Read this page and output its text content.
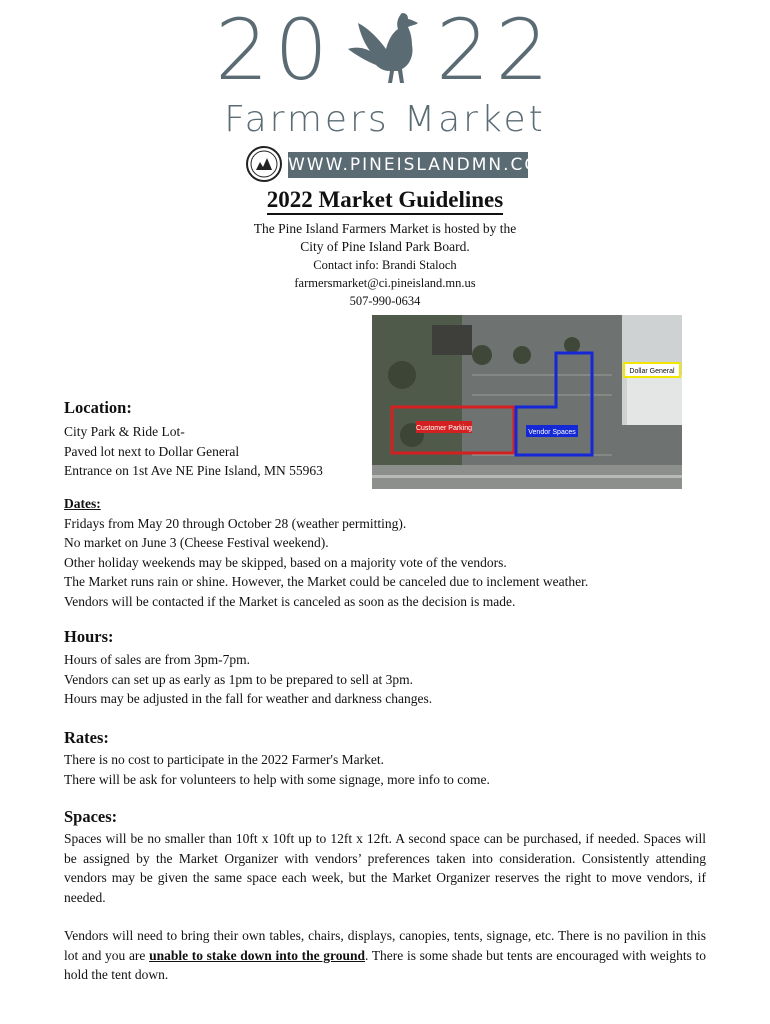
20 22
Farmers Market
WWW.PINEISLANDMN.COM
2022 Market Guidelines
The Pine Island Farmers Market is hosted by the
City of Pine Island Park Board.
Contact info: Brandi Staloch
farmersmarket@ci.pineisland.mn.us
507-990-0634
Customer Parking
Vendor Spaces
Dollar General
Location:
City Park & Ride Lot-
Paved lot next to Dollar General
Entrance on 1st Ave NE Pine Island, MN 55963
Dates:
Fridays from May 20 through October 28 (weather permitting).
No market on June 3 (Cheese Festival weekend).
Other holiday weekends may be skipped, based on a majority vote of the vendors.
The Market runs rain or shine. However, the Market could be canceled due to inclement weather.
Vendors will be contacted if the Market is canceled as soon as the decision is made.
Hours:
Hours of sales are from 3pm-7pm.
Vendors can set up as early as 1pm to be prepared to sell at 3pm.
Hours may be adjusted in the fall for weather and darkness changes.
Rates:
There is no cost to participate in the 2022 Farmer's Market.
There will be ask for volunteers to help with some signage, more info to come.
Spaces:
Spaces will be no smaller than 10ft x 10ft up to 12ft x 12ft. A second space can be purchased, if needed. Spaces will be assigned by the Market Organizer with vendors’ preferences taken into consideration. Consistently attending vendors may be given the same space each week, but the Market Organizer reserves the right to move vendors, if needed.
Vendors will need to bring their own tables, chairs, displays, canopies, tents, signage, etc. There is no pavilion in this lot and you are unable to stake down into the ground. There is some shade but tents are encouraged with weights to hold the tent down.
